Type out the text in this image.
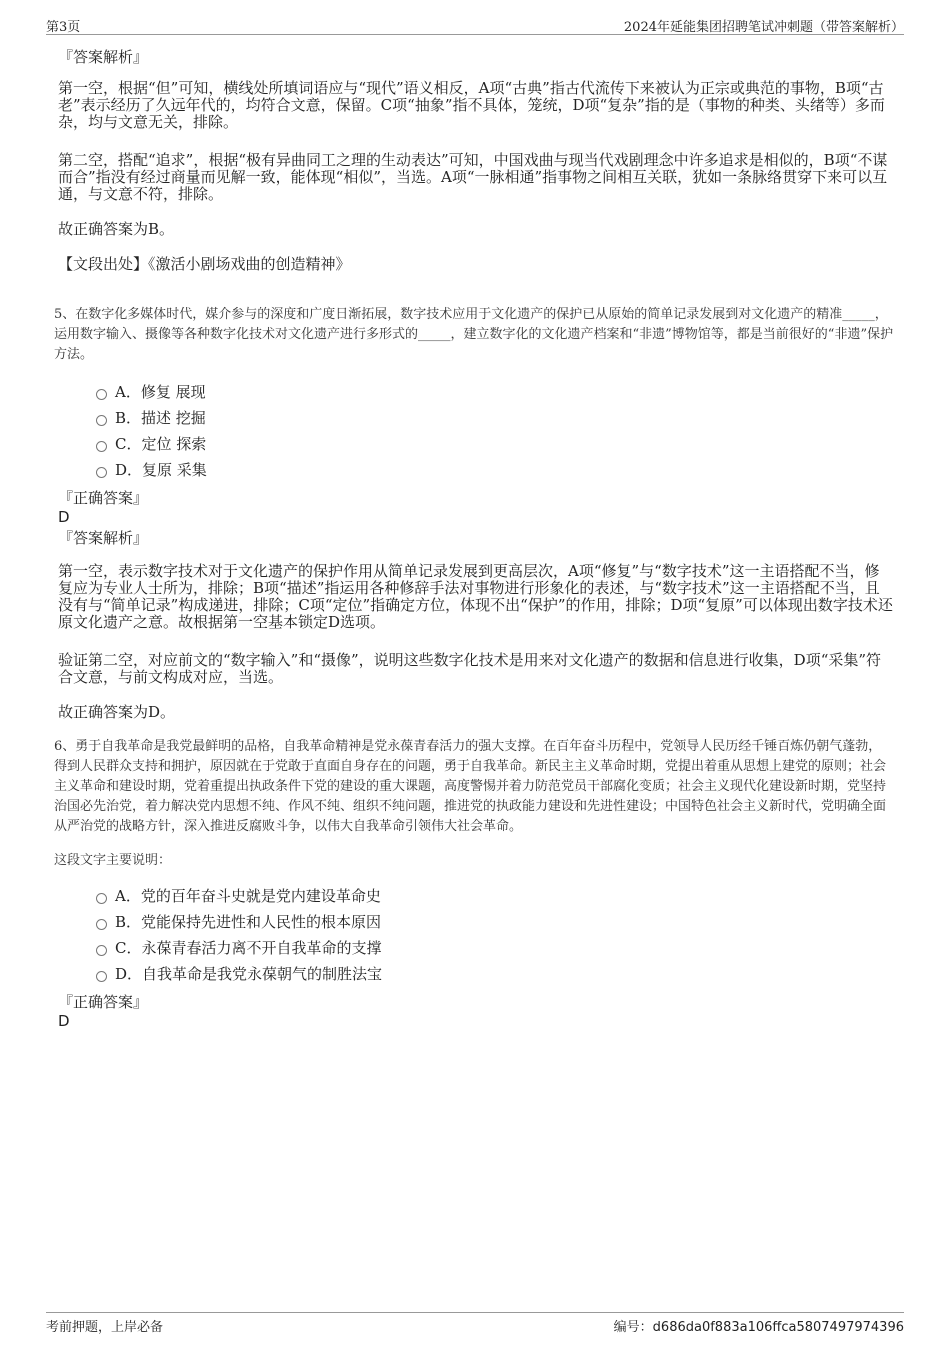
第3页	2024年延能集团招聘笔试冲刺题（带答案解析）
『答案解析』

第一空，根据“但”可知，横线处所填词语应与“现代”语义相反，A项“古典”指古代流传下来被认为正宗或典范的事物，B项“古老”表示经历了久远年代的，均符合文意，保留。C项“抽象”指不具体，笼统，D项“复杂”指的是（事物的种类、头绪等）多而杂，均与文意无关，排除。

第二空，搭配“追求”，根据“极有异曲同工之理的生动表达”可知，中国戏曲与现当代戏剧理念中许多追求是相似的，B项“不谋而合”指没有经过商量而见解一致，能体现“相似”，当选。A项“一脉相通”指事物之间相互关联，犹如一条脉络贯穿下来可以互通，与文意不符，排除。

故正确答案为B。

【文段出处】《激活小剧场戏曲的创造精神》

5、在数字化多媒体时代，媒介参与的深度和广度日渐拓展，数字技术应用于文化遗产的保护已从原始的简单记录发展到对文化遗产的精准_____，运用数字输入、摄像等各种数字化技术对文化遗产进行多形式的_____，建立数字化的文化遗产档案和“非遗”博物馆等，都是当前很好的“非遗”保护方法。

A．修复 展现
B．描述 挖掘
C．定位 探索
D．复原 采集
『正确答案』
D
『答案解析』

第一空，表示数字技术对于文化遗产的保护作用从简单记录发展到更高层次，A项“修复”与“数字技术”这一主语搭配不当，修复应为专业人士所为，排除；B项“描述”指运用各种修辞手法对事物进行形象化的表述，与“数字技术”这一主语搭配不当，且没有与“简单记录”构成递进，排除；C项“定位”指确定方位，体现不出“保护”的作用，排除；D项“复原”可以体现出数字技术还原文化遗产之意。故根据第一空基本锁定D选项。

验证第二空，对应前文的“数字输入”和“摄像”，说明这些数字化技术是用来对文化遗产的数据和信息进行收集，D项“采集”符合文意，与前文构成对应，当选。

故正确答案为D。

6、勇于自我革命是我党最鲜明的品格，自我革命精神是党永葆青春活力的强大支撑。在百年奋斗历程中，党领导人民历经千锤百炼仍朝气蓬勃，得到人民群众支持和拥护，原因就在于党敢于直面自身存在的问题，勇于自我革命。新民主主义革命时期，党提出着重从思想上建党的原则；社会主义革命和建设时期，党着重提出执政条件下党的建设的重大课题，高度警惕并着力防范党员干部腐化变质；社会主义现代化建设新时期，党坚持治国必先治党，着力解决党内思想不纯、作风不纯、组织不纯问题，推进党的执政能力建设和先进性建设；中国特色社会主义新时代，党明确全面从严治党的战略方针，深入推进反腐败斗争，以伟大自我革命引领伟大社会革命。

这段文字主要说明：

A．党的百年奋斗史就是党内建设革命史
B．党能保持先进性和人民性的根本原因
C．永葆青春活力离不开自我革命的支撑
D．自我革命是我党永葆朝气的制胜法宝
『正确答案』
D
考前押题，上岸必备	编号：d686da0f883a106ffca5807497974396
